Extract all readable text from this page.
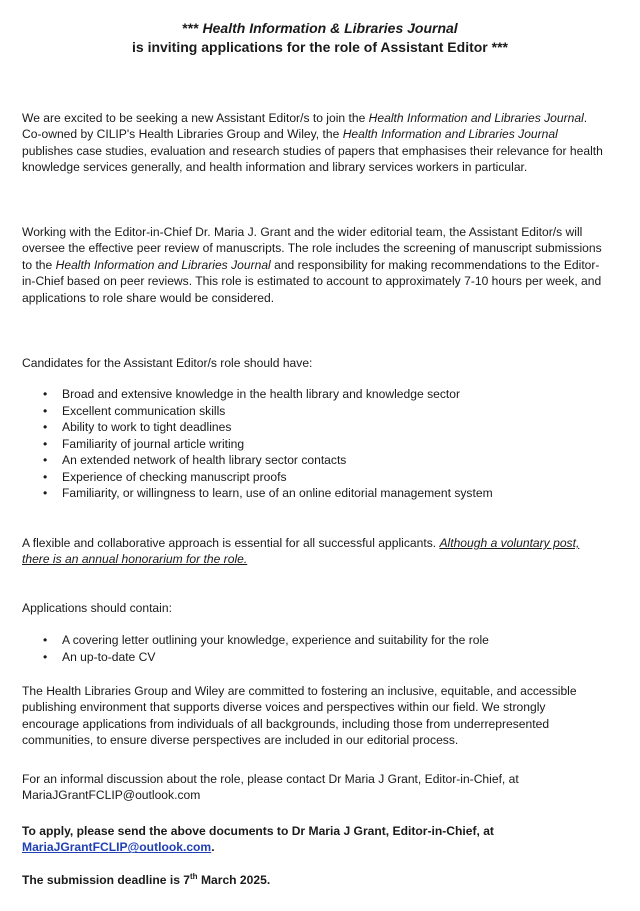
*** Health Information & Libraries Journal
is inviting applications for the role of Assistant Editor ***

We are excited to be seeking a new Assistant Editor/s to join the Health Information and Libraries Journal. Co-owned by CILIP's Health Libraries Group and Wiley, the Health Information and Libraries Journal publishes case studies, evaluation and research studies of papers that emphasises their relevance for health knowledge services generally, and health information and library services workers in particular.

Working with the Editor-in-Chief Dr. Maria J. Grant and the wider editorial team, the Assistant Editor/s will oversee the effective peer review of manuscripts. The role includes the screening of manuscript submissions to the Health Information and Libraries Journal and responsibility for making recommendations to the Editor-in-Chief based on peer reviews. This role is estimated to account to approximately 7-10 hours per week, and applications to role share would be considered.

Candidates for the Assistant Editor/s role should have:

• Broad and extensive knowledge in the health library and knowledge sector
• Excellent communication skills
• Ability to work to tight deadlines
• Familiarity of journal article writing
• An extended network of health library sector contacts
• Experience of checking manuscript proofs
• Familiarity, or willingness to learn, use of an online editorial management system

A flexible and collaborative approach is essential for all successful applicants. Although a voluntary post, there is an annual honorarium for the role.

Applications should contain:

• A covering letter outlining your knowledge, experience and suitability for the role
• An up-to-date CV

The Health Libraries Group and Wiley are committed to fostering an inclusive, equitable, and accessible publishing environment that supports diverse voices and perspectives within our field. We strongly encourage applications from individuals of all backgrounds, including those from underrepresented communities, to ensure diverse perspectives are included in our editorial process.

For an informal discussion about the role, please contact Dr Maria J Grant, Editor-in-Chief, at
MariaJGrantFCLIP@outlook.com

To apply, please send the above documents to Dr Maria J Grant, Editor-in-Chief, at
MariaJGrantFCLIP@outlook.com.

The submission deadline is 7th March 2025.
